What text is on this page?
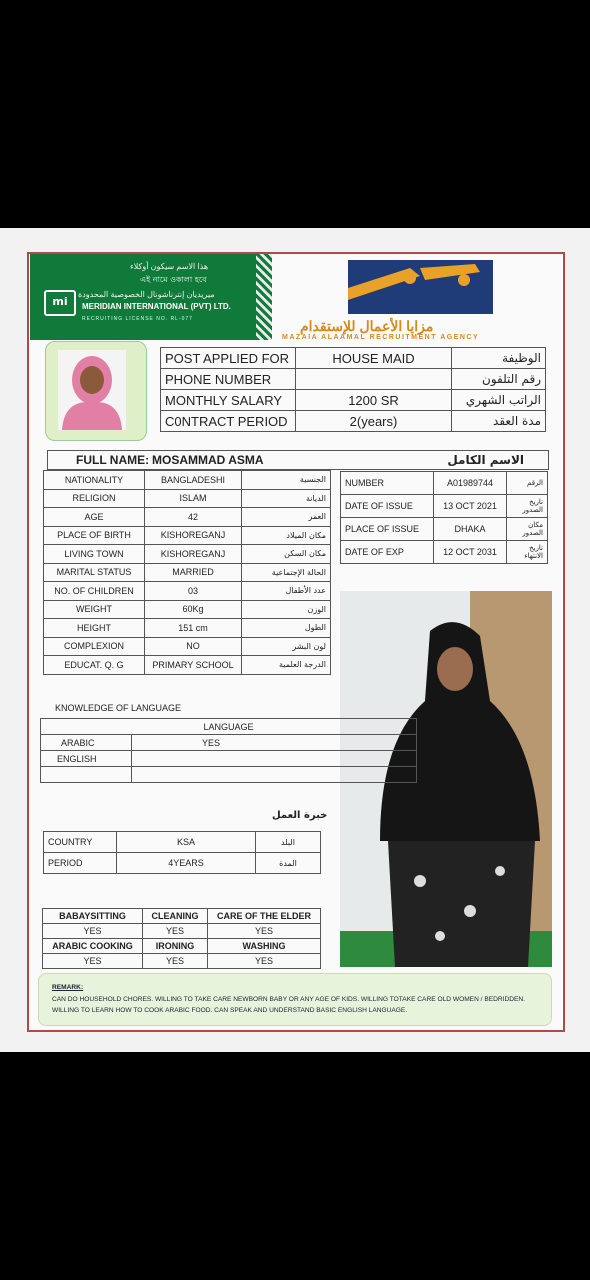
هذا الاسم سيكون أوكلاء
এই নামে ওকালা হবে
ميريديان إنترناشونال الخصوصية المحدودة
mi	MERIDIAN INTERNATIONAL (PVT) LTD.
RECRUITING LICENSE NO. RL-077	مزايا الأعمال للإستقدام
MAZAIA ALAAMAL RECRUITMENT AGENCY
POST APPLIED FOR	HOUSE MAID	الوظيفة
PHONE NUMBER		رقم التلفون
MONTHLY SALARY	1200 SR	الراتب الشهري
C0NTRACT PERIOD	2(years)	مدة العقد
FULL NAME: MOSAMMAD ASMA	الاسم الكامل
NATIONALITY	BANGLADESHI	الجنسية
RELIGION	ISLAM	الديانة
AGE	42	العمر
PLACE OF BIRTH	KISHOREGANJ	مكان الميلاد
LIVING TOWN	KISHOREGANJ	مكان السكن
MARITAL STATUS	MARRIED	الحالة الإجتماعية
NO. OF CHILDREN	03	عدد الأطفال
WEIGHT	60Kg	الوزن
HEIGHT	151 cm	الطول
COMPLEXION	NO	لون البشر
EDUCAT. Q. G	PRIMARY SCHOOL	الدرجة العلمية
NUMBER	A01989744	الرقم
DATE OF ISSUE	13 OCT 2021	تاريخ الصدور
PLACE OF ISSUE	DHAKA	مكان الصدور
DATE OF EXP	12 OCT 2031	تاريخ الانتهاء
KNOWLEDGE OF LANGUAGE
LANGUAGE	
ARABIC	YES
ENGLISH	

خبرة العمل
COUNTRY	KSA	البلد
PERIOD	4YEARS	المدة
BABAYSITTING	CLEANING	CARE OF THE ELDER
YES	YES	YES
ARABIC COOKING	IRONING	WASHING
YES	YES	YES
REMARK:
CAN DO HOUSEHOLD CHORES. WILLING TO TAKE CARE NEWBORN BABY OR ANY AGE OF KIDS. WILLING TOTAKE CARE OLD WOMEN / BEDRIDDEN. WILLING TO LEARN HOW TO COOK ARABIC FOOD. CAN SPEAK AND UNDERSTAND BASIC ENGLISH LANGUAGE.
